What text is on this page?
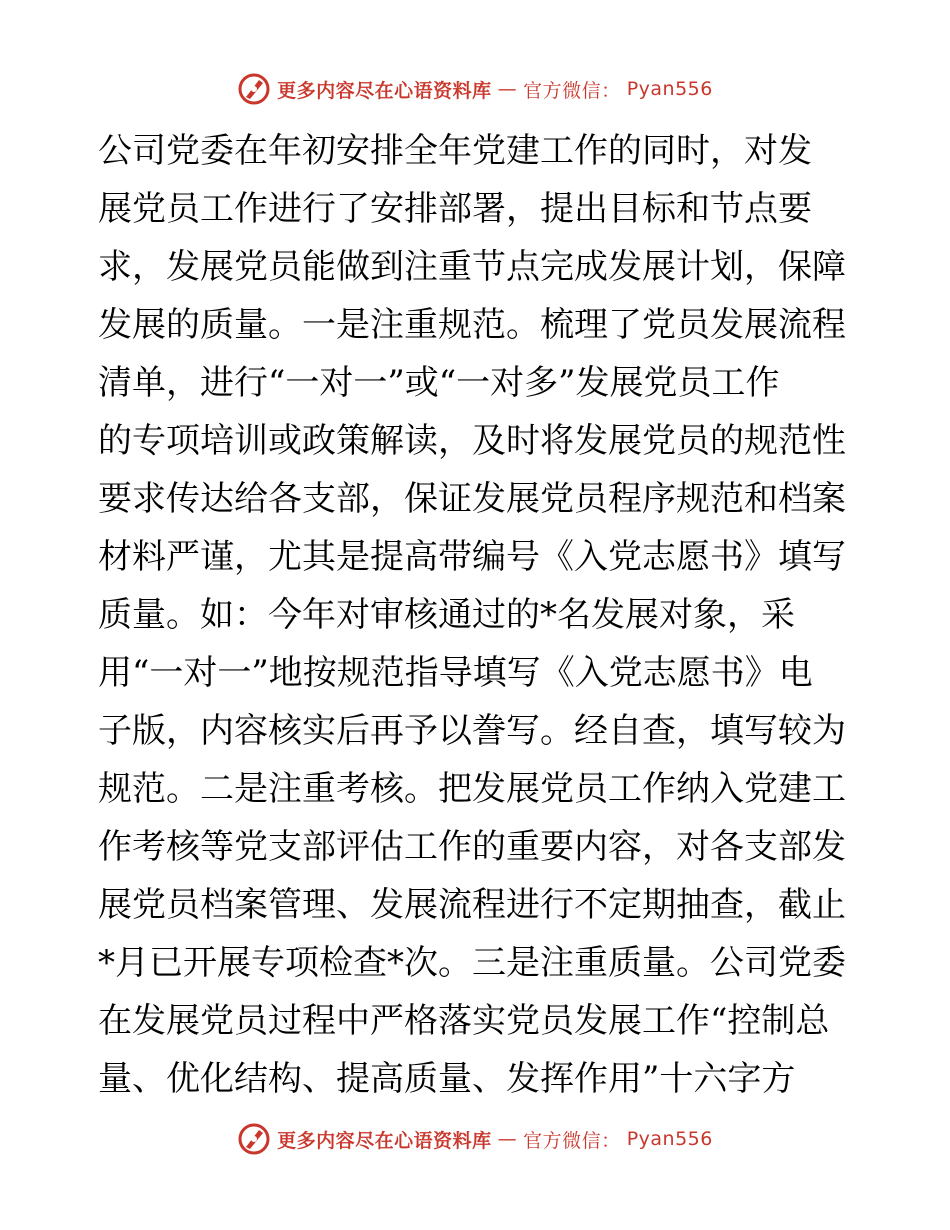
更多内容尽在心语资料库 — 官方微信： Pyan556
公司党委在年初安排全年党建工作的同时，对发
展党员工作进行了安排部署，提出目标和节点要
求，发展党员能做到注重节点完成发展计划，保障
发展的质量。一是注重规范。梳理了党员发展流程
清单，进行“一对一”或“一对多”发展党员工作
的专项培训或政策解读，及时将发展党员的规范性
要求传达给各支部，保证发展党员程序规范和档案
材料严谨，尤其是提高带编号《入党志愿书》填写
质量。如：今年对审核通过的*名发展对象，采
用“一对一”地按规范指导填写《入党志愿书》电
子版，内容核实后再予以誊写。经自查，填写较为
规范。二是注重考核。把发展党员工作纳入党建工
作考核等党支部评估工作的重要内容，对各支部发
展党员档案管理、发展流程进行不定期抽查，截止
*月已开展专项检查*次。三是注重质量。公司党委
在发展党员过程中严格落实党员发展工作“控制总
量、优化结构、提高质量、发挥作用”十六字方
更多内容尽在心语资料库 — 官方微信： Pyan556
